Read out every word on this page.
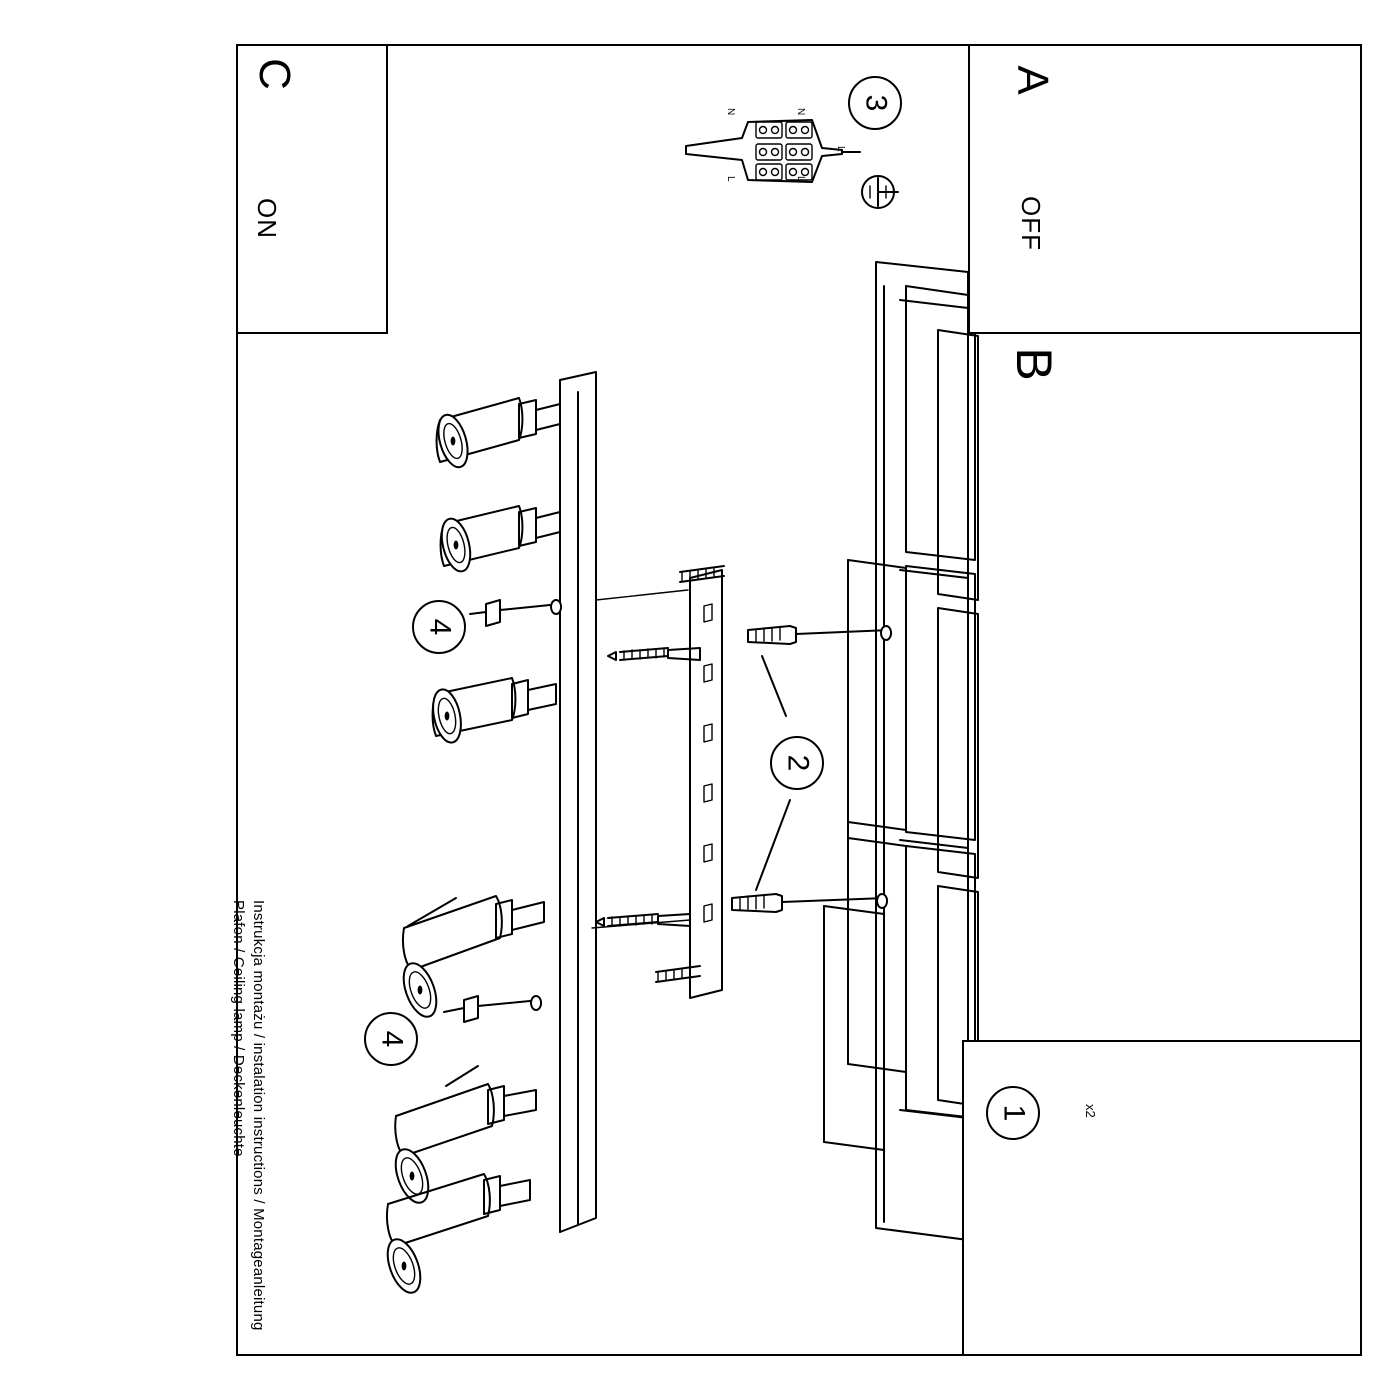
A
OFF
C
ON
B
3
2
4
4
1	x2
N	N
L	L
L
Instrukcja montażu / instalation instructions / Montageanleitung
Plafon / Ceiling lamp / Deckenleuchte
